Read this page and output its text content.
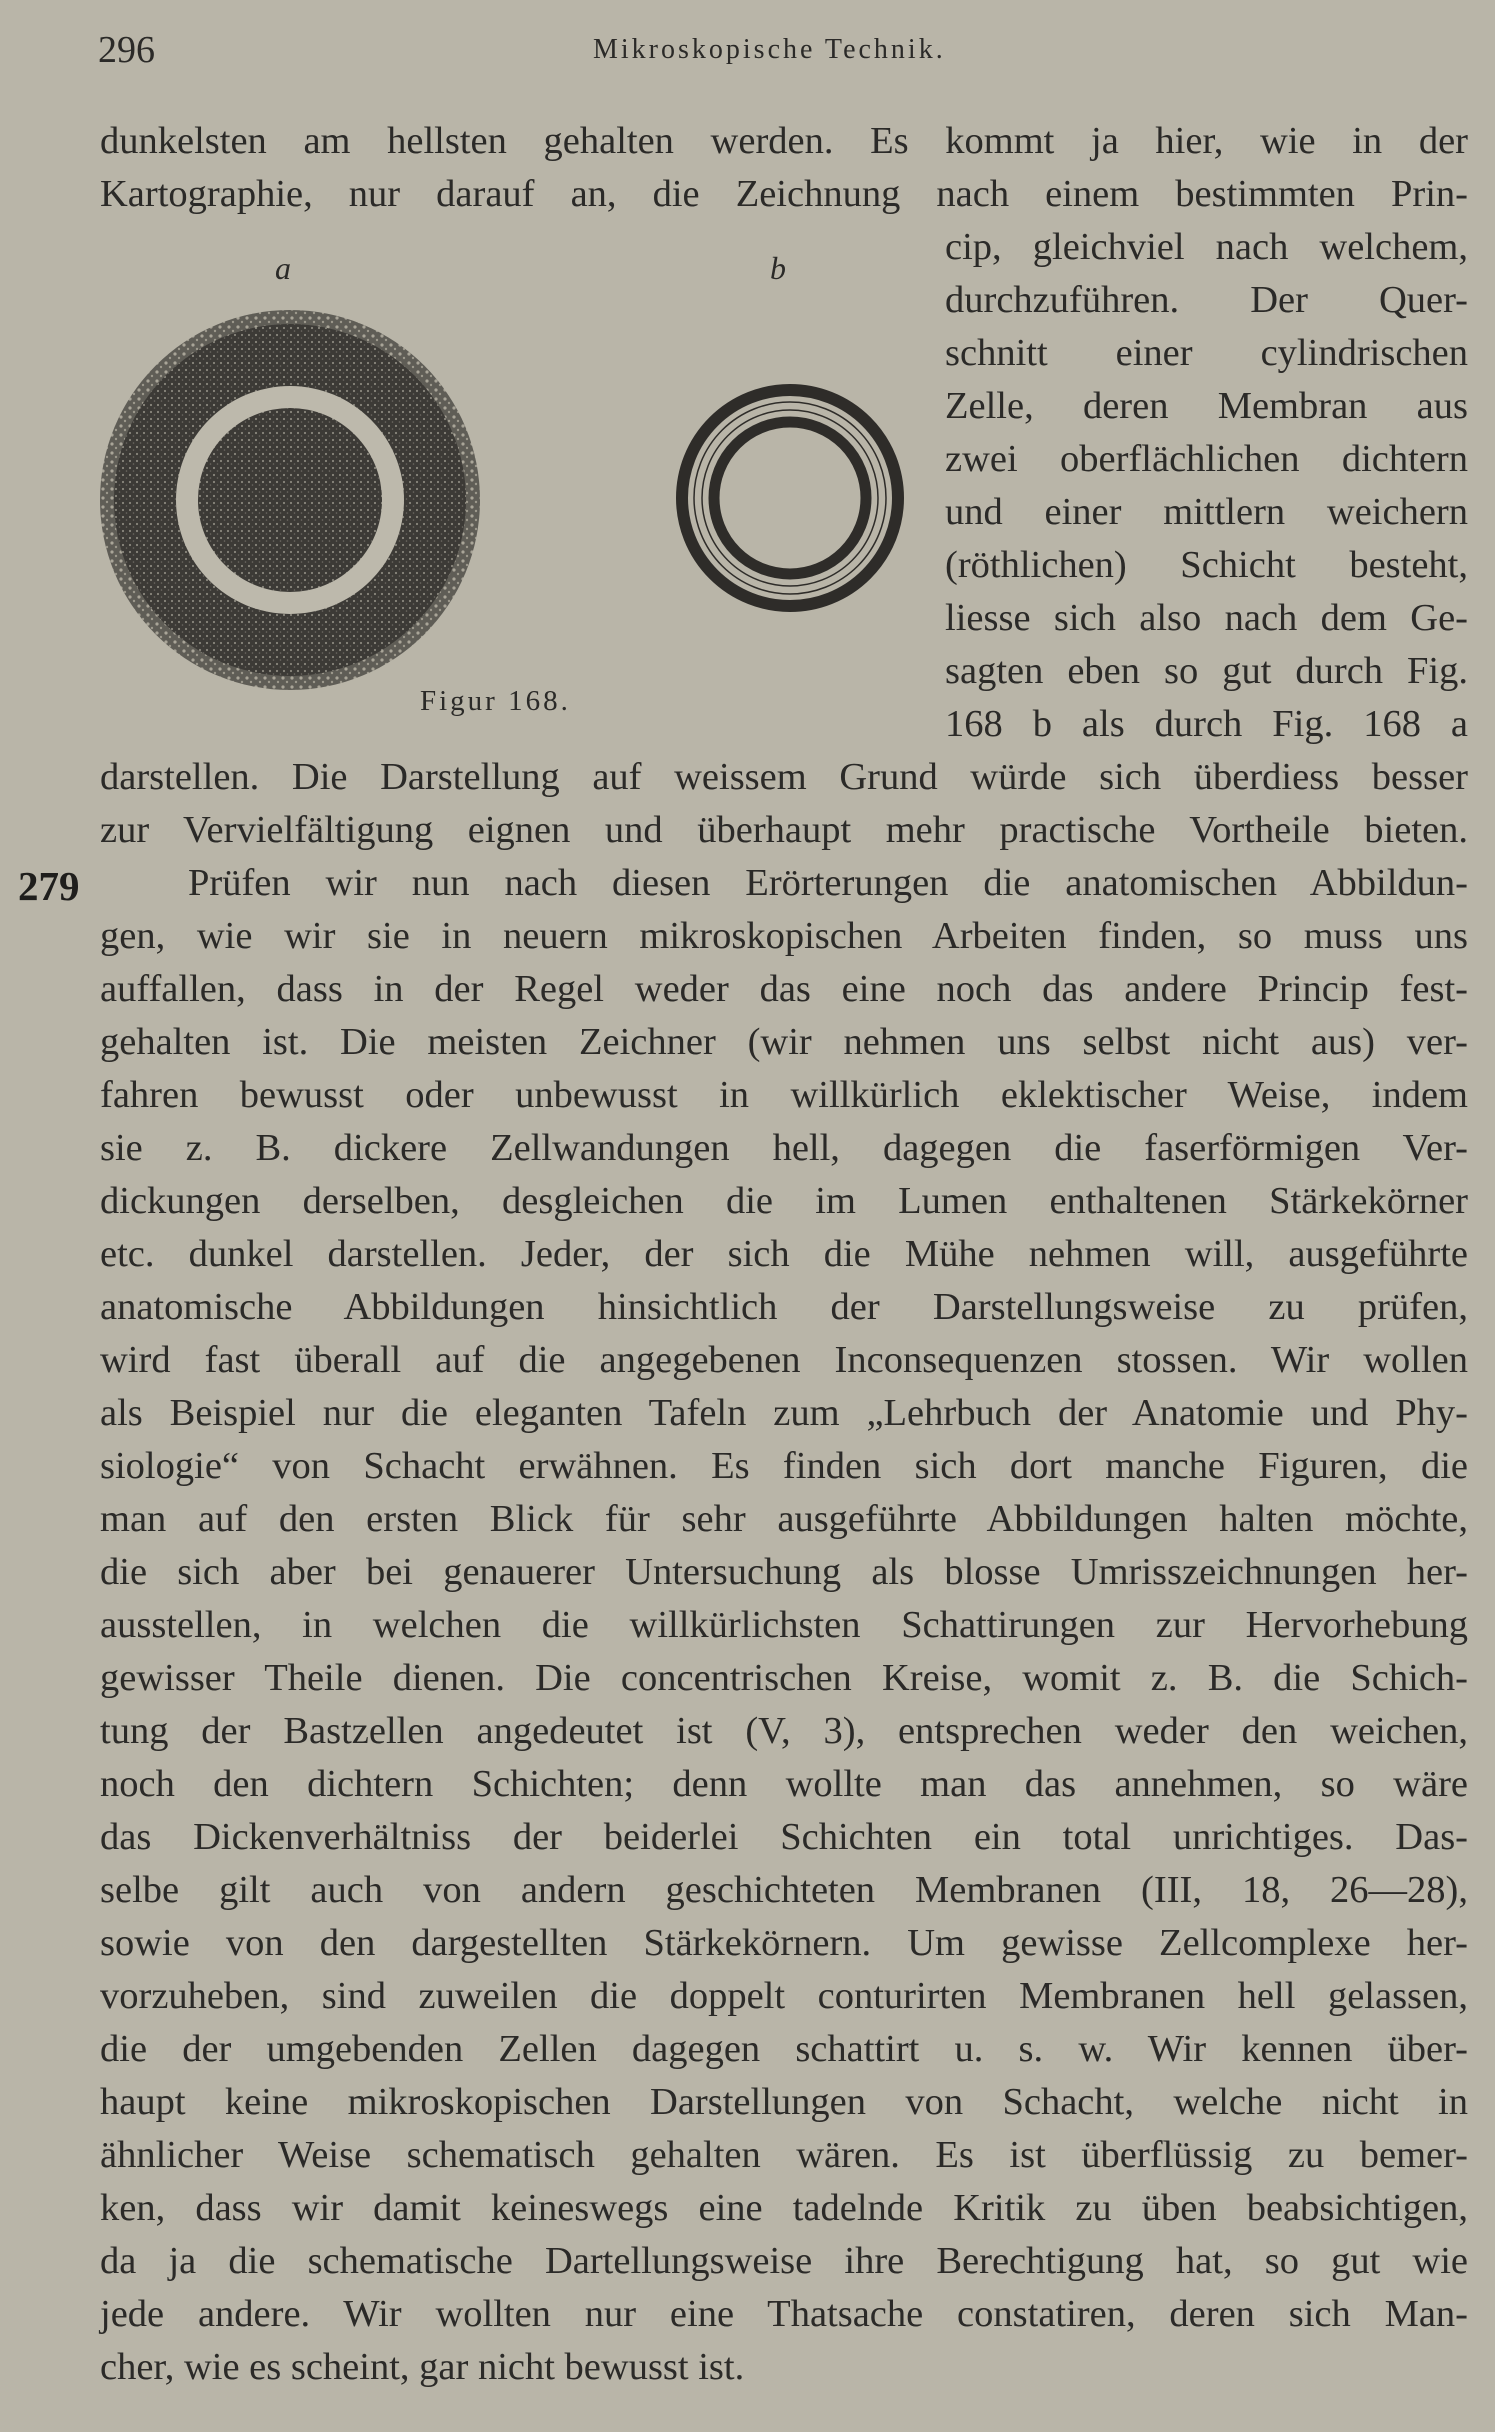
296	Mikroskopische Technik.
dunkelsten am hellsten gehalten werden. Es kommt ja hier, wie in der
Kartographie, nur darauf an, die Zeichnung nach einem bestimmten Prin-
a	b
Figur 168.
cip, gleichviel nach welchem,
durchzuführen. Der Quer-
schnitt einer cylindrischen
Zelle, deren Membran aus
zwei oberflächlichen dichtern
und einer mittlern weichern
(röthlichen) Schicht besteht,
liesse sich also nach dem Ge-
sagten eben so gut durch Fig.
168 b als durch Fig. 168 a
darstellen. Die Darstellung auf weissem Grund würde sich überdiess besser
zur Vervielfältigung eignen und überhaupt mehr practische Vortheile bieten.
279	Prüfen wir nun nach diesen Erörterungen die anatomischen Abbildun-
gen, wie wir sie in neuern mikroskopischen Arbeiten finden, so muss uns
auffallen, dass in der Regel weder das eine noch das andere Princip fest-
gehalten ist. Die meisten Zeichner (wir nehmen uns selbst nicht aus) ver-
fahren bewusst oder unbewusst in willkürlich eklektischer Weise, indem
sie z. B. dickere Zellwandungen hell, dagegen die faserförmigen Ver-
dickungen derselben, desgleichen die im Lumen enthaltenen Stärkekörner
etc. dunkel darstellen. Jeder, der sich die Mühe nehmen will, ausgeführte
anatomische Abbildungen hinsichtlich der Darstellungsweise zu prüfen,
wird fast überall auf die angegebenen Inconsequenzen stossen. Wir wollen
als Beispiel nur die eleganten Tafeln zum „Lehrbuch der Anatomie und Phy-
siologie“ von Schacht erwähnen. Es finden sich dort manche Figuren, die
man auf den ersten Blick für sehr ausgeführte Abbildungen halten möchte,
die sich aber bei genauerer Untersuchung als blosse Umrisszeichnungen her-
ausstellen, in welchen die willkürlichsten Schattirungen zur Hervorhebung
gewisser Theile dienen. Die concentrischen Kreise, womit z. B. die Schich-
tung der Bastzellen angedeutet ist (V, 3), entsprechen weder den weichen,
noch den dichtern Schichten; denn wollte man das annehmen, so wäre
das Dickenverhältniss der beiderlei Schichten ein total unrichtiges. Das-
selbe gilt auch von andern geschichteten Membranen (III, 18, 26—28),
sowie von den dargestellten Stärkekörnern. Um gewisse Zellcomplexe her-
vorzuheben, sind zuweilen die doppelt conturirten Membranen hell gelassen,
die der umgebenden Zellen dagegen schattirt u. s. w. Wir kennen über-
haupt keine mikroskopischen Darstellungen von Schacht, welche nicht in
ähnlicher Weise schematisch gehalten wären. Es ist überflüssig zu bemer-
ken, dass wir damit keineswegs eine tadelnde Kritik zu üben beabsichtigen,
da ja die schematische Dartellungsweise ihre Berechtigung hat, so gut wie
jede andere. Wir wollten nur eine Thatsache constatiren, deren sich Man-
cher, wie es scheint, gar nicht bewusst ist.
